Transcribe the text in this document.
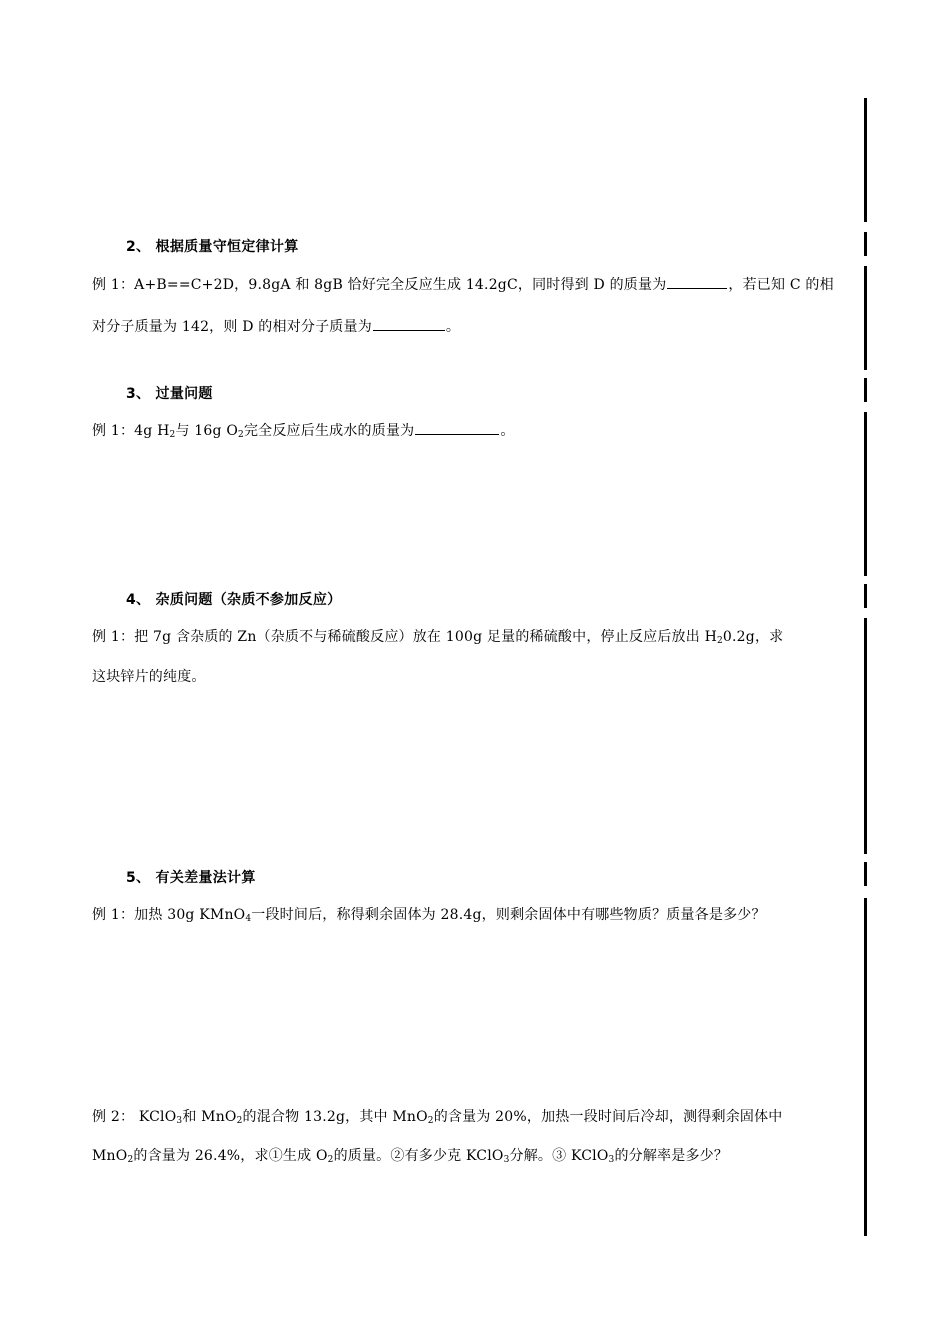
2、 根据质量守恒定律计算
例 1：A+B==C+2D，9.8gA 和 8gB 恰好完全反应生成 14.2gC，同时得到 D 的质量为	，若已知 C 的相
对分子质量为 142，则 D 的相对分子质量为	。
3、 过量问题
例 1：4g $H_2$与 16g $O_2$完全反应后生成水的质量为	。
4、 杂质问题（杂质不参加反应）
例 1：把 7g 含杂质的 Zn（杂质不与稀硫酸反应）放在 100g 足量的稀硫酸中，停止反应后放出 $H_20.2g$，求
这块锌片的纯度。
5、 有关差量法计算
例 1：加热 30g KMnO$_4$一段时间后，称得剩余固体为 28.4g，则剩余固体中有哪些物质？质量各是多少？
例 2： KClO$_3$和 MnO$_2$的混合物 13.2g，其中 MnO$_2$的含量为 20%，加热一段时间后冷却，测得剩余固体中
MnO$_2$的含量为 26.4%，求①生成 $O_2$的质量。②有多少克 KClO$_3$分解。③ KClO$_3$的分解率是多少？
